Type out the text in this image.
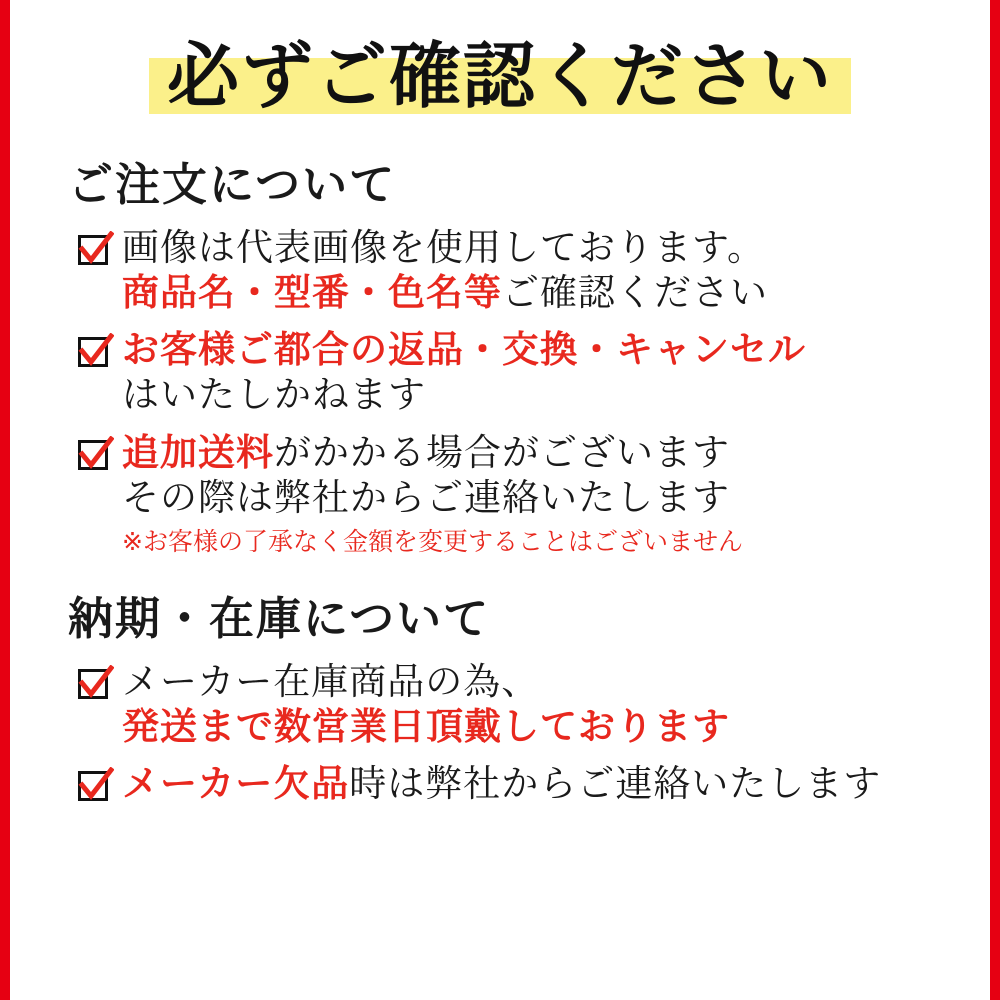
必ずご確認ください
ご注文について
画像は代表画像を使用しております。
商品名・型番・色名等ご確認ください
お客様ご都合の返品・交換・キャンセル
はいたしかねます
追加送料がかかる場合がございます
その際は弊社からご連絡いたします
※お客様の了承なく金額を変更することはございません
納期・在庫について
メーカー在庫商品の為、
発送まで数営業日頂戴しております
メーカー欠品時は弊社からご連絡いたします
